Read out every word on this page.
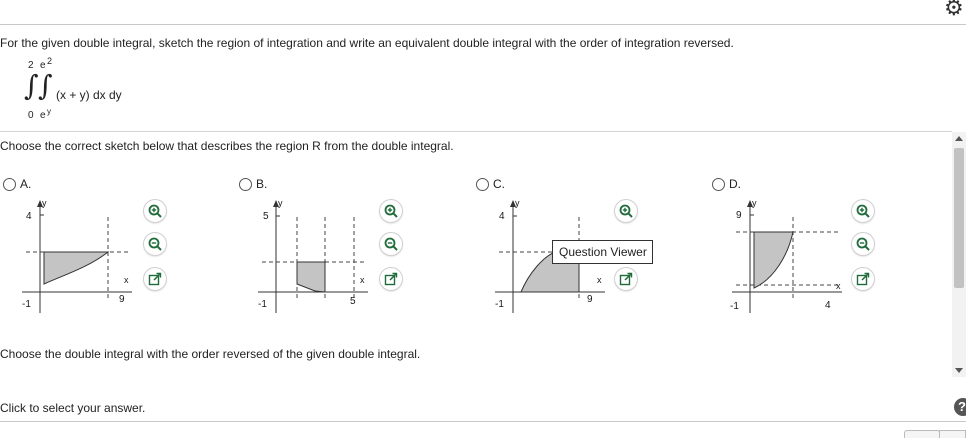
⚙
For the given double integral, sketch the region of integration and write an equivalent double integral with the order of integration reversed.
2 e 2
∫ ∫ (x + y) dx dy
0 e y
Choose the correct sketch below that describes the region R from the double integral.
A.
y
4
x
9
-1
B.
y
5
x
5
-1
C.
y
4
x
9
-1
D.
y
9
x
4
-1
Question Viewer
Choose the double integral with the order reversed of the given double integral.
Click to select your answer.	?
